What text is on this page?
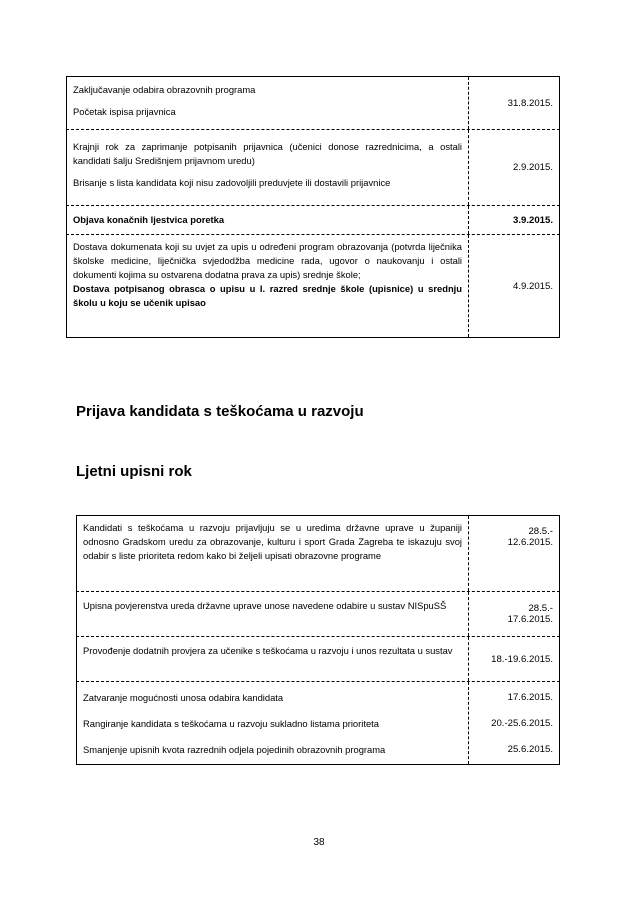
Zaključavanje odabira obrazovnih programa

Početak ispisa prijavnica

31.8.2015.

Krajnji rok za zaprimanje potpisanih prijavnica (učenici donose razrednicima, a ostali kandidati šalju Središnjem prijavnom uredu)

Brisanje s lista kandidata koji nisu zadovoljili preduvjete ili dostavili prijavnice

2.9.2015.
Objava konačnih ljestvica poretka	3.9.2015.

Dostava dokumenata koji su uvjet za upis u određeni program obrazovanja (potvrda liječnika školske medicine, liječnička svjedodžba medicine rada, ugovor o naukovanju i ostali dokumenti kojima su ostvarena dodatna prava za upis) srednje škole;

Dostava potpisanog obrasca o upisu u I. razred srednje škole (upisnice) u srednju školu u koju se učenik upisao

4.9.2015.
Prijava kandidata s teškoćama u razvoju
Ljetni upisni rok
Kandidati s teškoćama u razvoju prijavljuju se u uredima državne uprave u županiji odnosno Gradskom uredu za obrazovanje, kulturu i sport Grada Zagreba te iskazuju svoj odabir s liste prioriteta redom kako bi željeli upisati obrazovne programe
28.5.-
12.6.2015.
Upisna povjerenstva ureda državne uprave unose navedene odabire u sustav NISpuSŠ	28.5.-
17.6.2015.
Provođenje dodatnih provjera za učenike s teškoćama u razvoju i unos rezultata u sustav
18.-19.6.2015.

Zatvaranje mogućnosti unosa odabira kandidata

Rangiranje kandidata s teškoćama u razvoju sukladno listama prioriteta

Smanjenje upisnih kvota razrednih odjela pojedinih obrazovnih programa

17.6.2015.
20.-25.6.2015.
25.6.2015.
38
